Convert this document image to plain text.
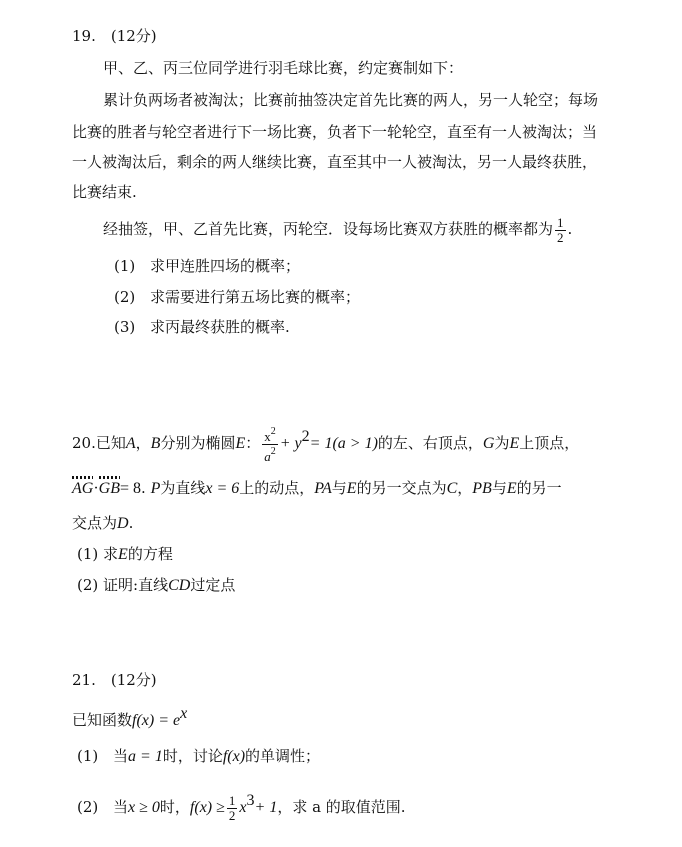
19.　(12分)
甲、乙、丙三位同学进行羽毛球比赛，约定赛制如下：
累计负两场者被淘汰；比赛前抽签决定首先比赛的两人，另一人轮空；每场
比赛的胜者与轮空者进行下一场比赛，负者下一轮轮空，直至有一人被淘汰；当
一人被淘汰后，剩余的两人继续比赛，直至其中一人被淘汰，另一人最终获胜，
比赛结束.
经抽签，甲、乙首先比赛，丙轮空．设每场比赛双方获胜的概率都为 $\frac{1}{2}$ .
(1) 求甲连胜四场的概率；
(2) 求需要进行第五场比赛的概率；
(3) 求丙最终获胜的概率.
20.已知A，B分别为椭圆E： $\frac{x^2}{a^2} + y^2= 1(a > 1)$的左、右顶点，G为E上顶点，
AG·GB= 8. P为直线x = 6上的动点，PA与E的另一交点为C，PB与E的另一
交点为D.
(1) 求E的方程
(2) 证明:直线CD过定点
21.　(12分)
已知函数$f(x) = e^x$
(1) 当a = 1时，讨论f(x)的单调性；
(2) 当x ≥ 0时，$f(x) \ge \frac{1}{2} x^3+ 1$，求 a 的取值范围.
